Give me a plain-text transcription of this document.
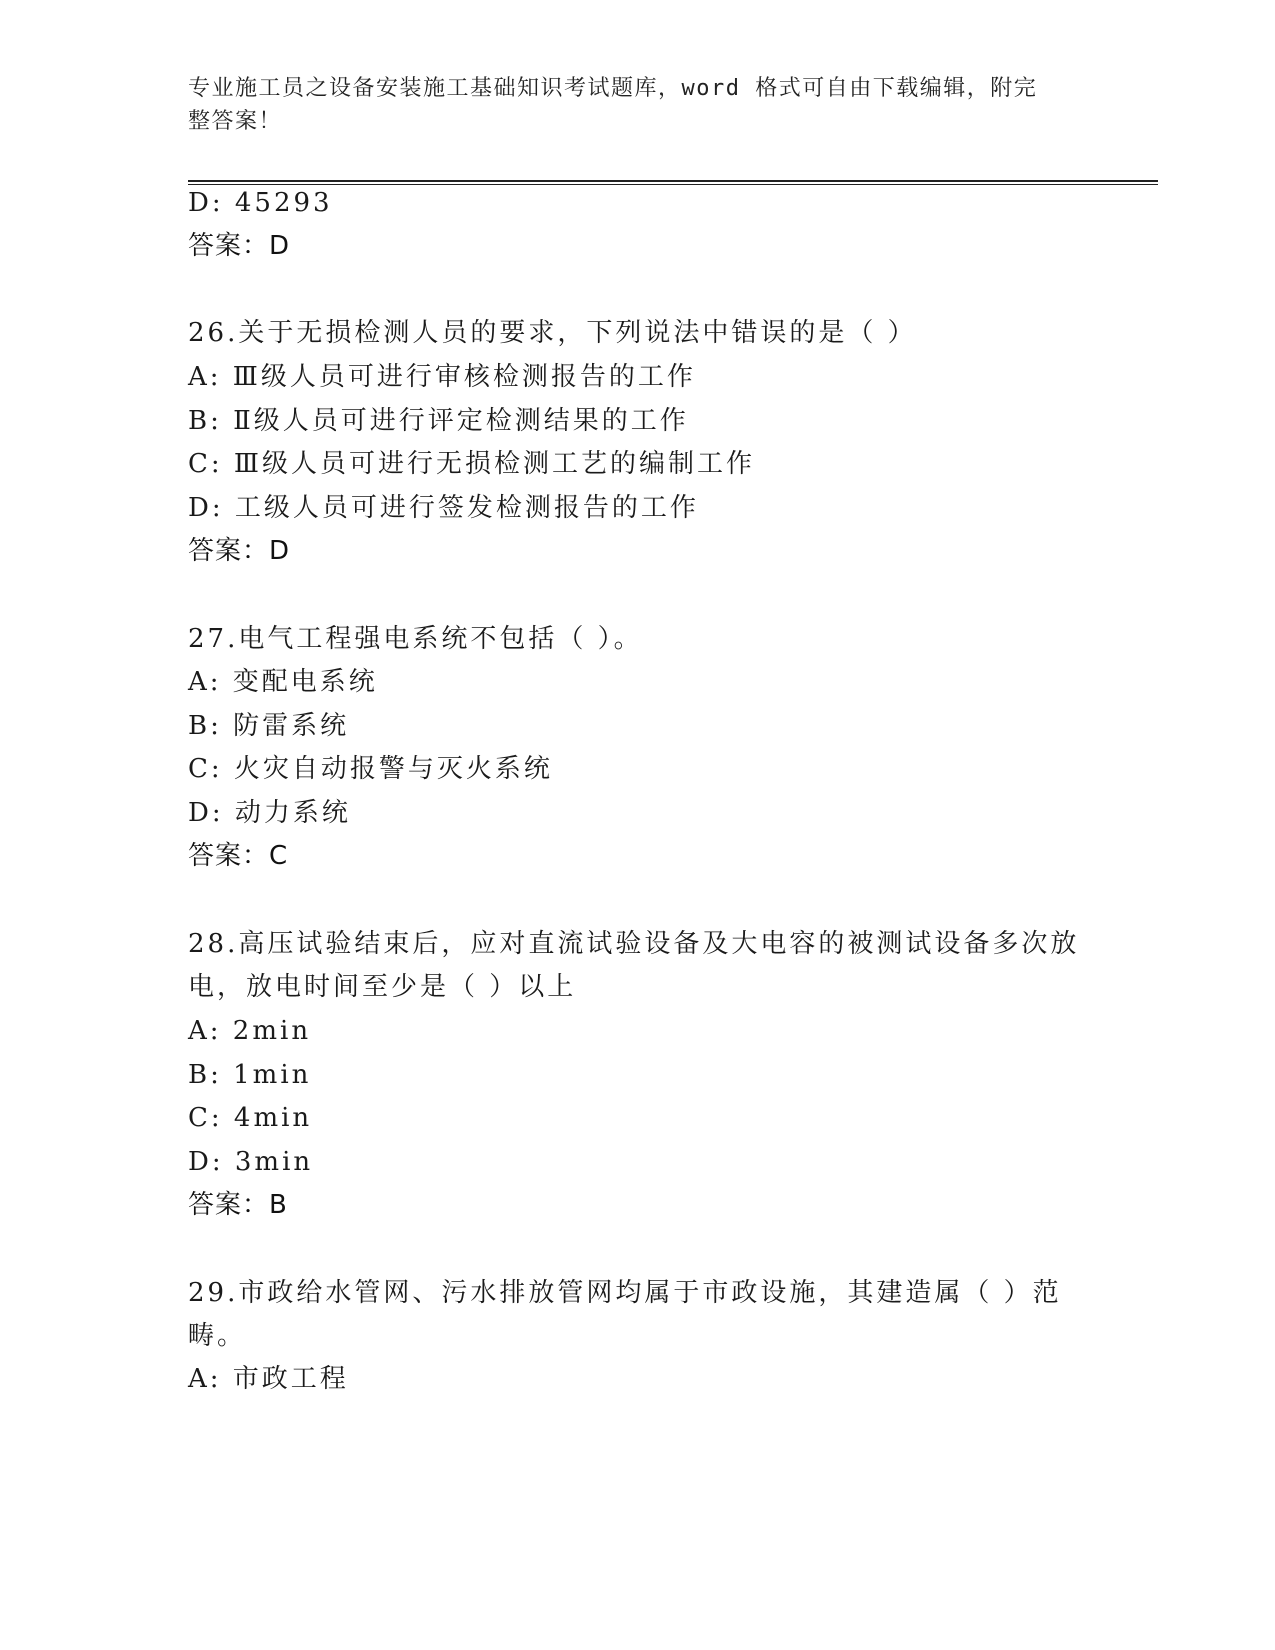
专业施工员之设备安装施工基础知识考试题库，word 格式可自由下载编辑，附完
整答案！
D: 45293
答案：D
26.关于无损检测人员的要求，下列说法中错误的是（ ）
A: Ⅲ级人员可进行审核检测报告的工作
B: Ⅱ级人员可进行评定检测结果的工作
C: Ⅲ级人员可进行无损检测工艺的编制工作
D: 工级人员可进行签发检测报告的工作
答案：D
27.电气工程强电系统不包括（ ）。
A: 变配电系统
B: 防雷系统
C: 火灾自动报警与灭火系统
D: 动力系统
答案：C
28.高压试验结束后，应对直流试验设备及大电容的被测试设备多次放
电，放电时间至少是（ ）以上
A: 2min
B: 1min
C: 4min
D: 3min
答案：B
29.市政给水管网、污水排放管网均属于市政设施，其建造属（ ）范
畴。
A: 市政工程
